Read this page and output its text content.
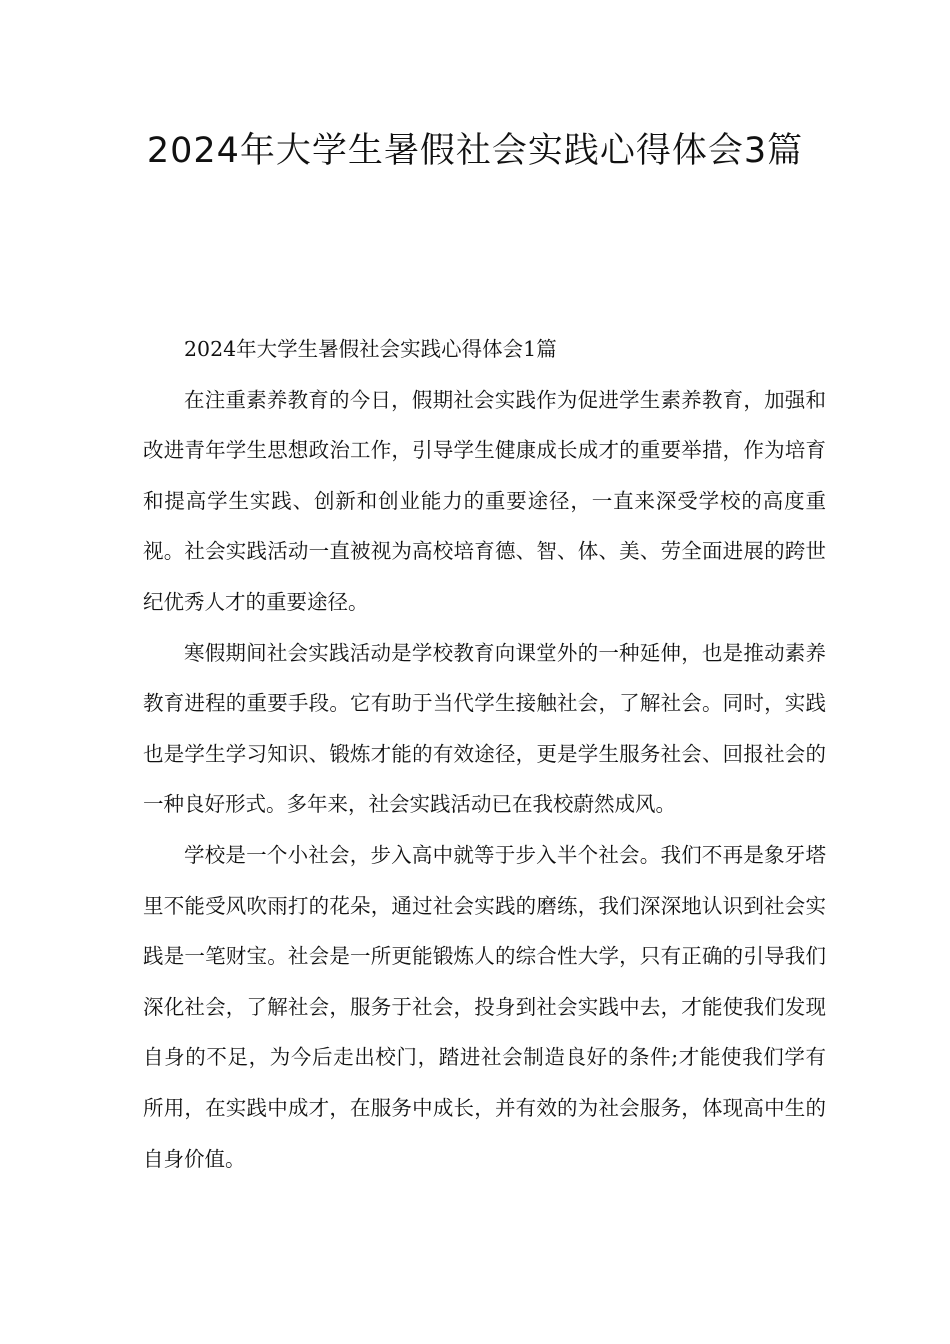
2024年大学生暑假社会实践心得体会3篇

2024年大学生暑假社会实践心得体会1篇

在注重素养教育的今日，假期社会实践作为促进学生素养教育，加强和改进青年学生思想政治工作，引导学生健康成长成才的重要举措，作为培育和提高学生实践、创新和创业能力的重要途径，一直来深受学校的高度重视。社会实践活动一直被视为高校培育德、智、体、美、劳全面进展的跨世纪优秀人才的重要途径。

寒假期间社会实践活动是学校教育向课堂外的一种延伸，也是推动素养教育进程的重要手段。它有助于当代学生接触社会，了解社会。同时，实践也是学生学习知识、锻炼才能的有效途径，更是学生服务社会、回报社会的一种良好形式。多年来，社会实践活动已在我校蔚然成风。

学校是一个小社会，步入高中就等于步入半个社会。我们不再是象牙塔里不能受风吹雨打的花朵，通过社会实践的磨练，我们深深地认识到社会实践是一笔财宝。社会是一所更能锻炼人的综合性大学，只有正确的引导我们深化社会，了解社会，服务于社会，投身到社会实践中去，才能使我们发现自身的不足，为今后走出校门，踏进社会制造良好的条件;才能使我们学有所用，在实践中成才，在服务中成长，并有效的为社会服务，体现高中生的自身价值。
